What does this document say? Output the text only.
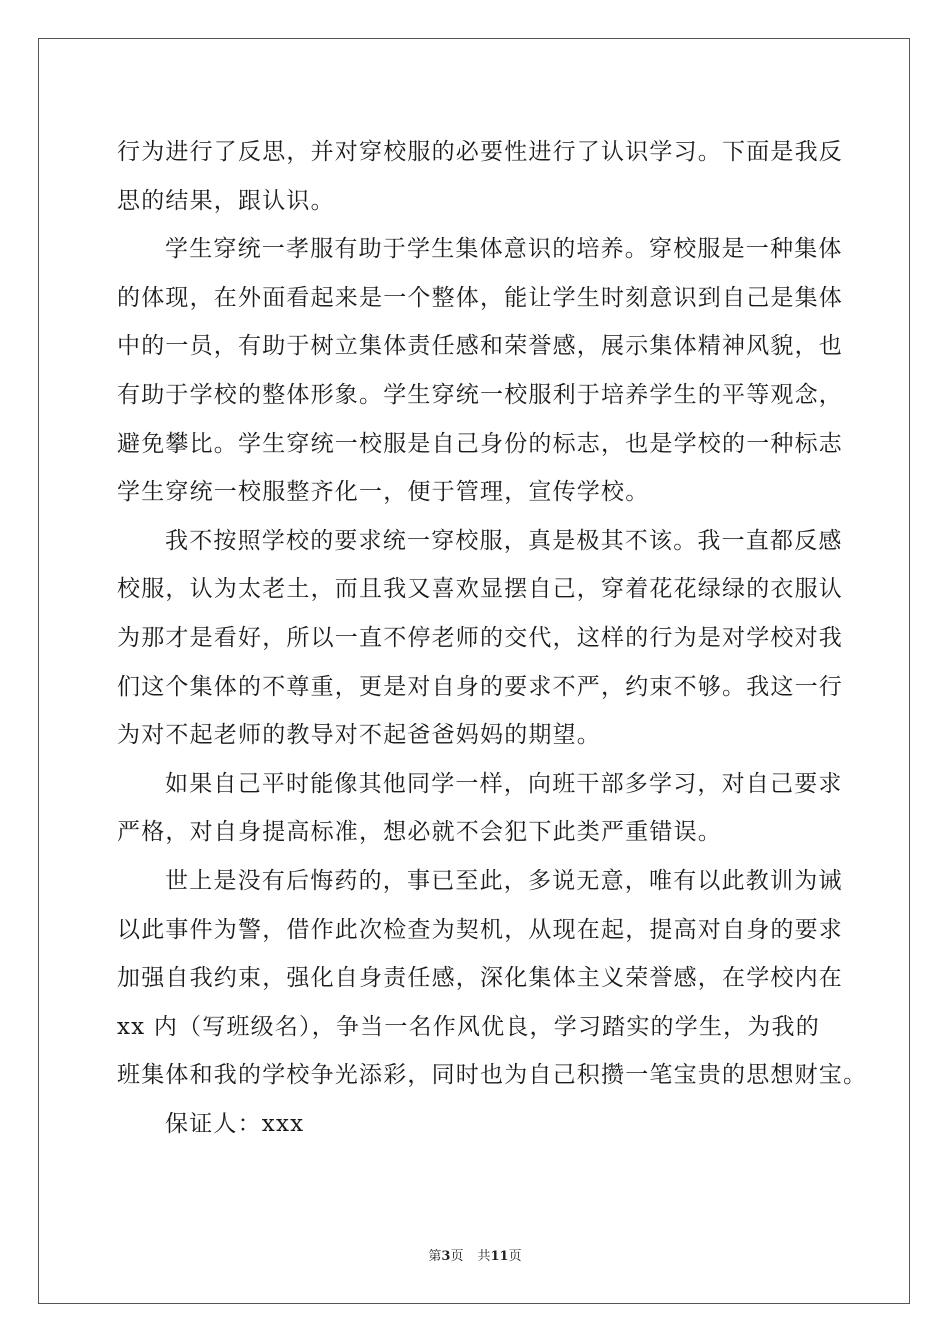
行为进行了反思，并对穿校服的必要性进行了认识学习。下面是我反
思的结果，跟认识。
学生穿统一孝服有助于学生集体意识的培养。穿校服是一种集体
的体现，在外面看起来是一个整体，能让学生时刻意识到自己是集体
中的一员，有助于树立集体责任感和荣誉感，展示集体精神风貌，也
有助于学校的整体形象。学生穿统一校服利于培养学生的平等观念，
避免攀比。学生穿统一校服是自己身份的标志，也是学校的一种标志
学生穿统一校服整齐化一，便于管理，宣传学校。
我不按照学校的要求统一穿校服，真是极其不该。我一直都反感
校服，认为太老土，而且我又喜欢显摆自己，穿着花花绿绿的衣服认
为那才是看好，所以一直不停老师的交代，这样的行为是对学校对我
们这个集体的不尊重，更是对自身的要求不严，约束不够。我这一行
为对不起老师的教导对不起爸爸妈妈的期望。
如果自己平时能像其他同学一样，向班干部多学习，对自己要求
严格，对自身提高标准，想必就不会犯下此类严重错误。
世上是没有后悔药的，事已至此，多说无意，唯有以此教训为诫
以此事件为警，借作此次检查为契机，从现在起，提高对自身的要求
加强自我约束，强化自身责任感，深化集体主义荣誉感，在学校内在
xx 内（写班级名），争当一名作风优良，学习踏实的学生，为我的
班集体和我的学校争光添彩，同时也为自己积攒一笔宝贵的思想财宝。
保证人：xxx
第3页 共11页
